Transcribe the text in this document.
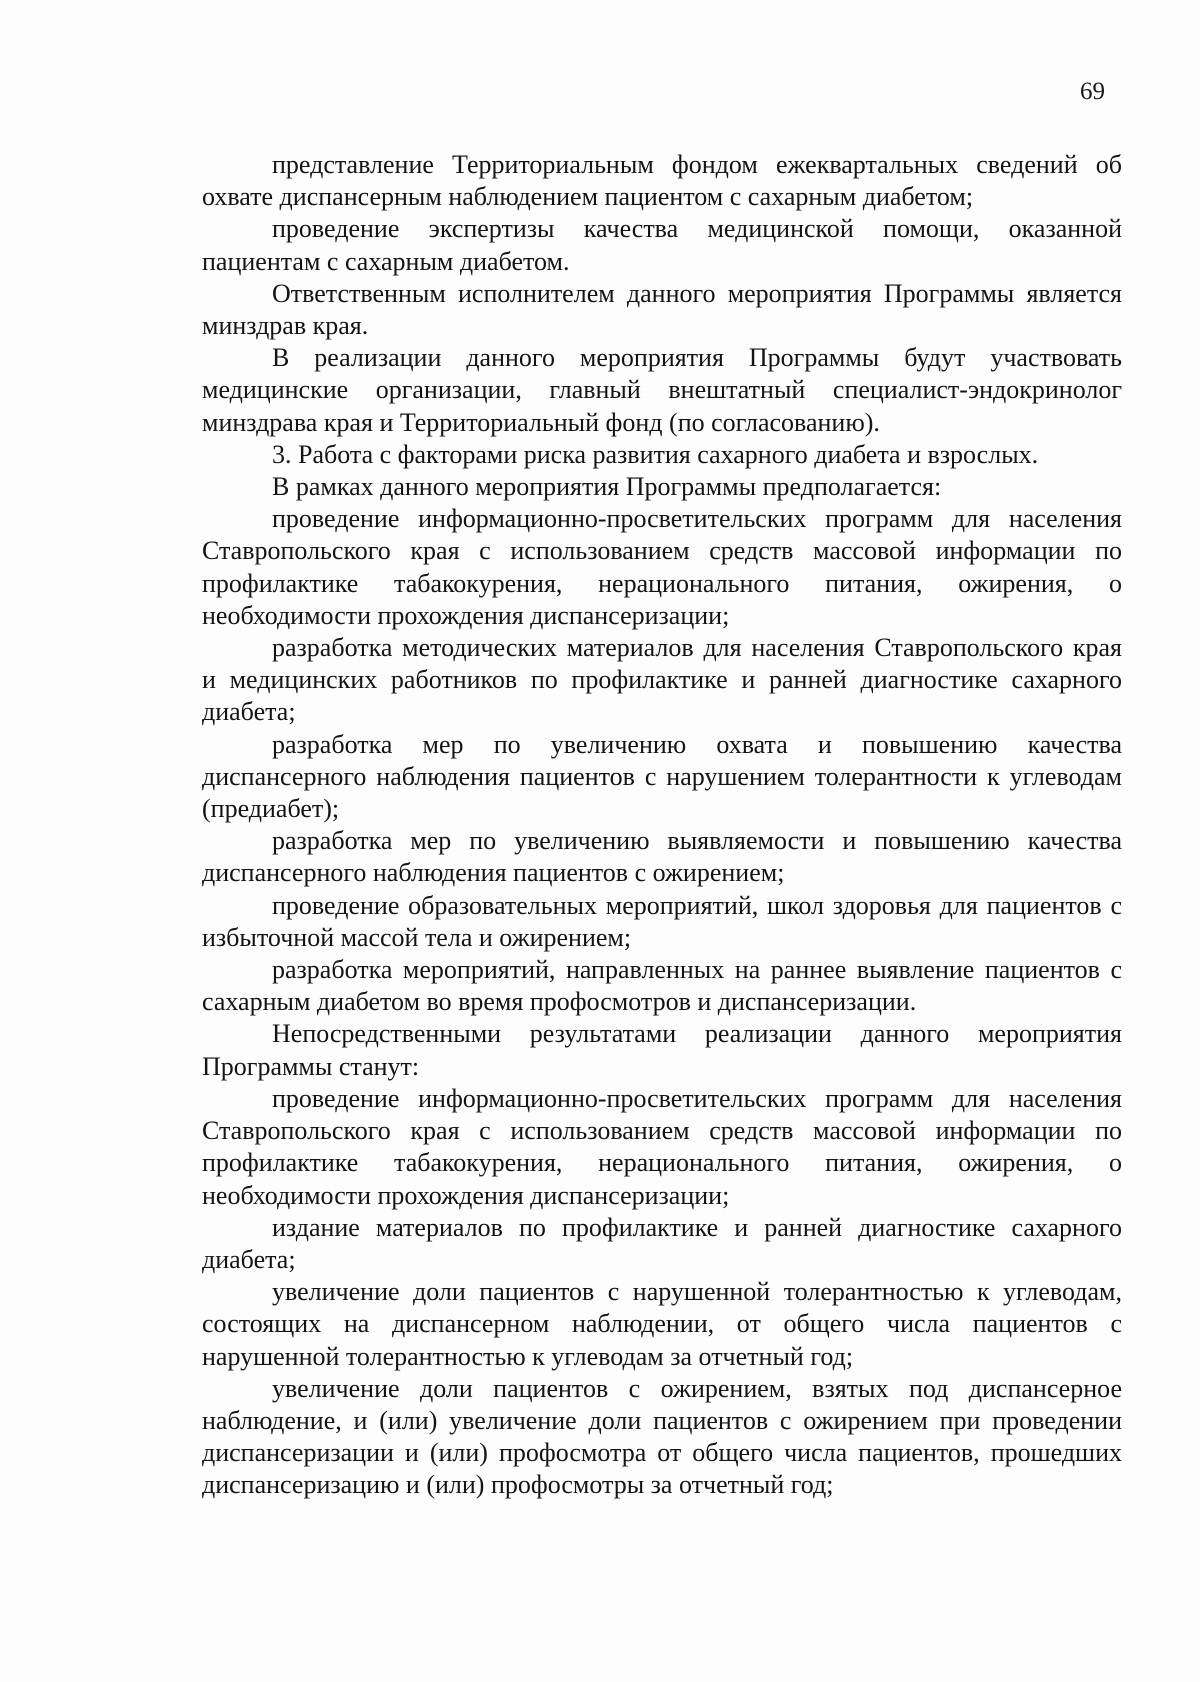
69

представление Территориальным фондом ежеквартальных сведений об охвате диспансерным наблюдением пациентом с сахарным диабетом;

проведение экспертизы качества медицинской помощи, оказанной пациентам с сахарным диабетом.

Ответственным исполнителем данного мероприятия Программы является минздрав края.

В реализации данного мероприятия Программы будут участвовать медицинские организации, главный внештатный специалист-эндокринолог минздрава края и Территориальный фонд (по согласованию).

3. Работа с факторами риска развития сахарного диабета и взрослых.

В рамках данного мероприятия Программы предполагается:

проведение информационно-просветительских программ для населения Ставропольского края с использованием средств массовой информации по профилактике табакокурения, нерационального питания, ожирения, о необходимости прохождения диспансеризации;

разработка методических материалов для населения Ставропольского края и медицинских работников по профилактике и ранней диагностике сахарного диабета;

разработка мер по увеличению охвата и повышению качества диспансерного наблюдения пациентов с нарушением толерантности к углеводам (предиабет);

разработка мер по увеличению выявляемости и повышению качества диспансерного наблюдения пациентов с ожирением;

проведение образовательных мероприятий, школ здоровья для пациентов с избыточной массой тела и ожирением;

разработка мероприятий, направленных на раннее выявление пациентов с сахарным диабетом во время профосмотров и диспансеризации.

Непосредственными результатами реализации данного мероприятия Программы станут:

проведение информационно-просветительских программ для населения Ставропольского края с использованием средств массовой информации по профилактике табакокурения, нерационального питания, ожирения, о необходимости прохождения диспансеризации;

издание материалов по профилактике и ранней диагностике сахарного диабета;

увеличение доли пациентов с нарушенной толерантностью к углеводам, состоящих на диспансерном наблюдении, от общего числа пациентов с нарушенной толерантностью к углеводам за отчетный год;

увеличение доли пациентов с ожирением, взятых под диспансерное наблюдение, и (или) увеличение доли пациентов с ожирением при проведении диспансеризации и (или) профосмотра от общего числа пациентов, прошедших диспансеризацию и (или) профосмотры за отчетный год;
